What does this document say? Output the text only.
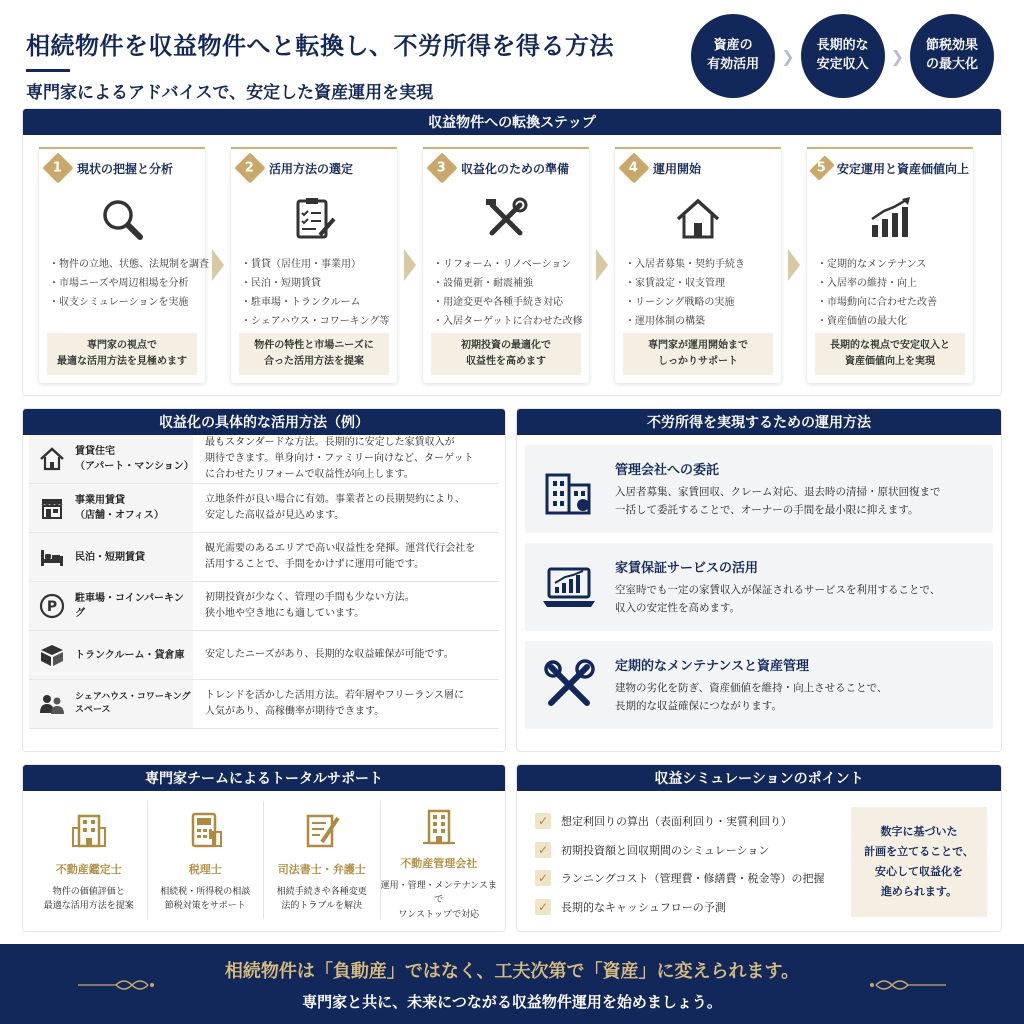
相続物件を収益物件へと転換し、不労所得を得る方法
専門家によるアドバイスで、安定した資産運用を実現
資産の
有効活用	❯
長期的な
安定収入	❯
節税効果
の最大化
収益物件への転換ステップ
1 現状の把握と分析
・物件の立地、状態、法規制を調査
・市場ニーズや周辺相場を分析
・収支シミュレーションを実施
専門家の視点で
最適な活用方法を見極めます
2 活用方法の選定
・賃貸（居住用・事業用）
・民泊・短期賃貸
・駐車場・トランクルーム
・シェアハウス・コワーキング等
物件の特性と市場ニーズに
合った活用方法を提案
3 収益化のための準備
・リフォーム・リノベーション
・設備更新・耐震補強
・用途変更や各種手続き対応
・入居ターゲットに合わせた改修
初期投資の最適化で
収益性を高めます
4 運用開始
・入居者募集・契約手続き
・家賃設定・収支管理
・リーシング戦略の実施
・運用体制の構築
専門家が運用開始まで
しっかりサポート
5 安定運用と資産価値向上
・定期的なメンテナンス
・入居率の維持・向上
・市場動向に合わせた改善
・資産価値の最大化
長期的な視点で安定収入と
資産価値向上を実現
収益化の具体的な活用方法（例）
賃貸住宅
（アパート・マンション）
最もスタンダードな方法。長期的に安定した家賃収入が
期待できます。単身向け・ファミリー向けなど、ターゲット
に合わせたリフォームで収益性が向上します。
事業用賃貸
（店舗・オフィス）
立地条件が良い場合に有効。事業者との長期契約により、
安定した高収益が見込めます。
民泊・短期賃貸
観光需要のあるエリアで高い収益性を発揮。運営代行会社を
活用することで、手間をかけずに運用可能です。
P
駐車場・コインパーキング
初期投資が少なく、管理の手間も少ない方法。
狭小地や空き地にも適しています。
トランクルーム・貸倉庫	安定したニーズがあり、長期的な収益確保が可能です。
シェアハウス・コワーキングスペース
トレンドを活かした活用方法。若年層やフリーランス層に
人気があり、高稼働率が期待できます。
不労所得を実現するための運用方法
管理会社への委託
入居者募集、家賃回収、クレーム対応、退去時の清掃・原状回復まで
一括して委託することで、オーナーの手間を最小限に抑えます。
家賃保証サービスの活用
空室時でも一定の家賃収入が保証されるサービスを利用することで、
収入の安定性を高めます。
定期的なメンテナンスと資産管理
建物の劣化を防ぎ、資産価値を維持・向上させることで、
長期的な収益確保につながります。
専門家チームによるトータルサポート
不動産鑑定士
物件の価値評価と
最適な活用方法を提案
税理士
相続税・所得税の相談
節税対策をサポート
司法書士・弁護士
相続手続きや各種変更
法的トラブルを解決
不動産管理会社
運用・管理・メンテナンスまで
ワンストップで対応
収益シミュレーションのポイント
✓ 想定利回りの算出（表面利回り・実質利回り）
✓ 初期投資額と回収期間のシミュレーション
✓ ランニングコスト（管理費・修繕費・税金等）の把握
✓ 長期的なキャッシュフローの予測
数字に基づいた
計画を立てることで、
安心して収益化を
進められます。
相続物件は「負動産」ではなく、工夫次第で「資産」に変えられます。
専門家と共に、未来につながる収益物件運用を始めましょう。
